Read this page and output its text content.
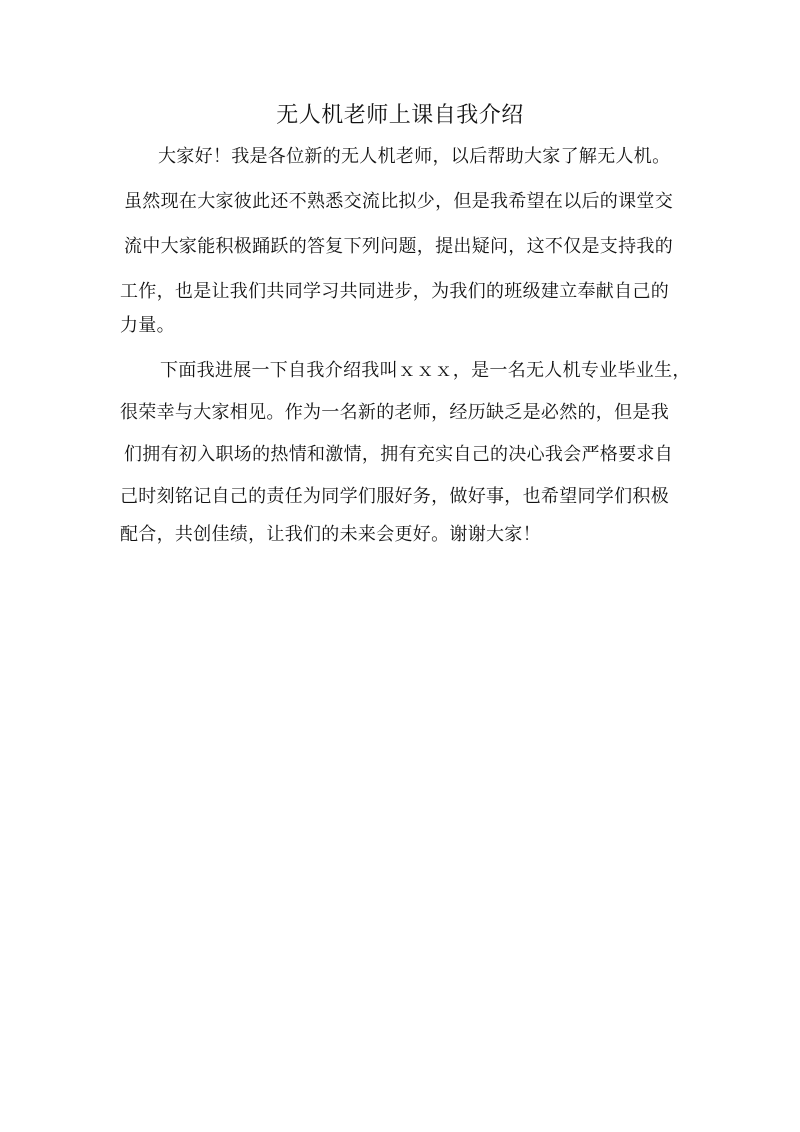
无人机老师上课自我介绍
大家好！我是各位新的无人机老师，以后帮助大家了解无人机。
虽然现在大家彼此还不熟悉交流比拟少，但是我希望在以后的课堂交
流中大家能积极踊跃的答复下列问题，提出疑问，这不仅是支持我的
工作，也是让我们共同学习共同进步，为我们的班级建立奉献自己的
力量。
下面我进展一下自我介绍我叫ｘｘｘ，是一名无人机专业毕业生，
很荣幸与大家相见。作为一名新的老师，经历缺乏是必然的，但是我
们拥有初入职场的热情和激情，拥有充实自己的决心我会严格要求自
己时刻铭记自己的责任为同学们服好务，做好事，也希望同学们积极
配合，共创佳绩，让我们的未来会更好。谢谢大家！
